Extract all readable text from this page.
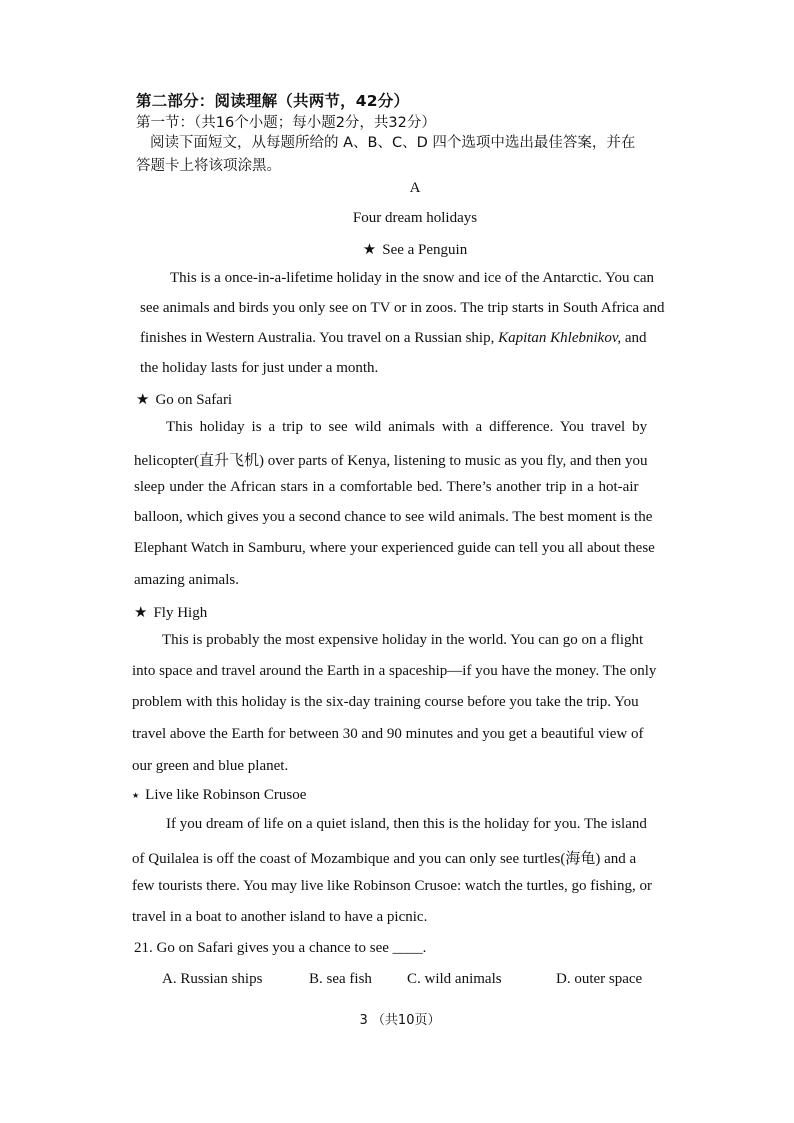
第二部分：阅读理解（共两节，42分）
第一节：（共16个小题；每小题2分，共32分）
阅读下面短文，从每题所给的 A、B、C、D 四个选项中选出最佳答案，并在
答题卡上将该项涂黑。
A
Four dream holidays
★ See a Penguin
This is a once-in-a-lifetime holiday in the snow and ice of the Antarctic. You can
see animals and birds you only see on TV or in zoos. The trip starts in South Africa and
finishes in Western Australia. You travel on a Russian ship, Kapitan Khlebnikov, and
the holiday lasts for just under a month.
★ Go on Safari
This holiday is a trip to see wild animals with a difference. You travel by
helicopter(直升飞机) over parts of Kenya, listening to music as you fly, and then you
sleep under the African stars in a comfortable bed. There’s another trip in a hot-air
balloon, which gives you a second chance to see wild animals. The best moment is the
Elephant Watch in Samburu, where your experienced guide can tell you all about these
amazing animals.
★ Fly High
This is probably the most expensive holiday in the world. You can go on a flight
into space and travel around the Earth in a spaceship—if you have the money. The only
problem with this holiday is the six-day training course before you take the trip. You
travel above the Earth for between 30 and 90 minutes and you get a beautiful view of
our green and blue planet.
★ Live like Robinson Crusoe
If you dream of life on a quiet island, then this is the holiday for you. The island
of Quilalea is off the coast of Mozambique and you can only see turtles(海龟) and a
few tourists there. You may live like Robinson Crusoe: watch the turtles, go fishing, or
travel in a boat to another island to have a picnic.
21. Go on Safari gives you a chance to see ____.
A. Russian ships	B. sea fish C. wild animals	D. outer space
3 （共10页）
